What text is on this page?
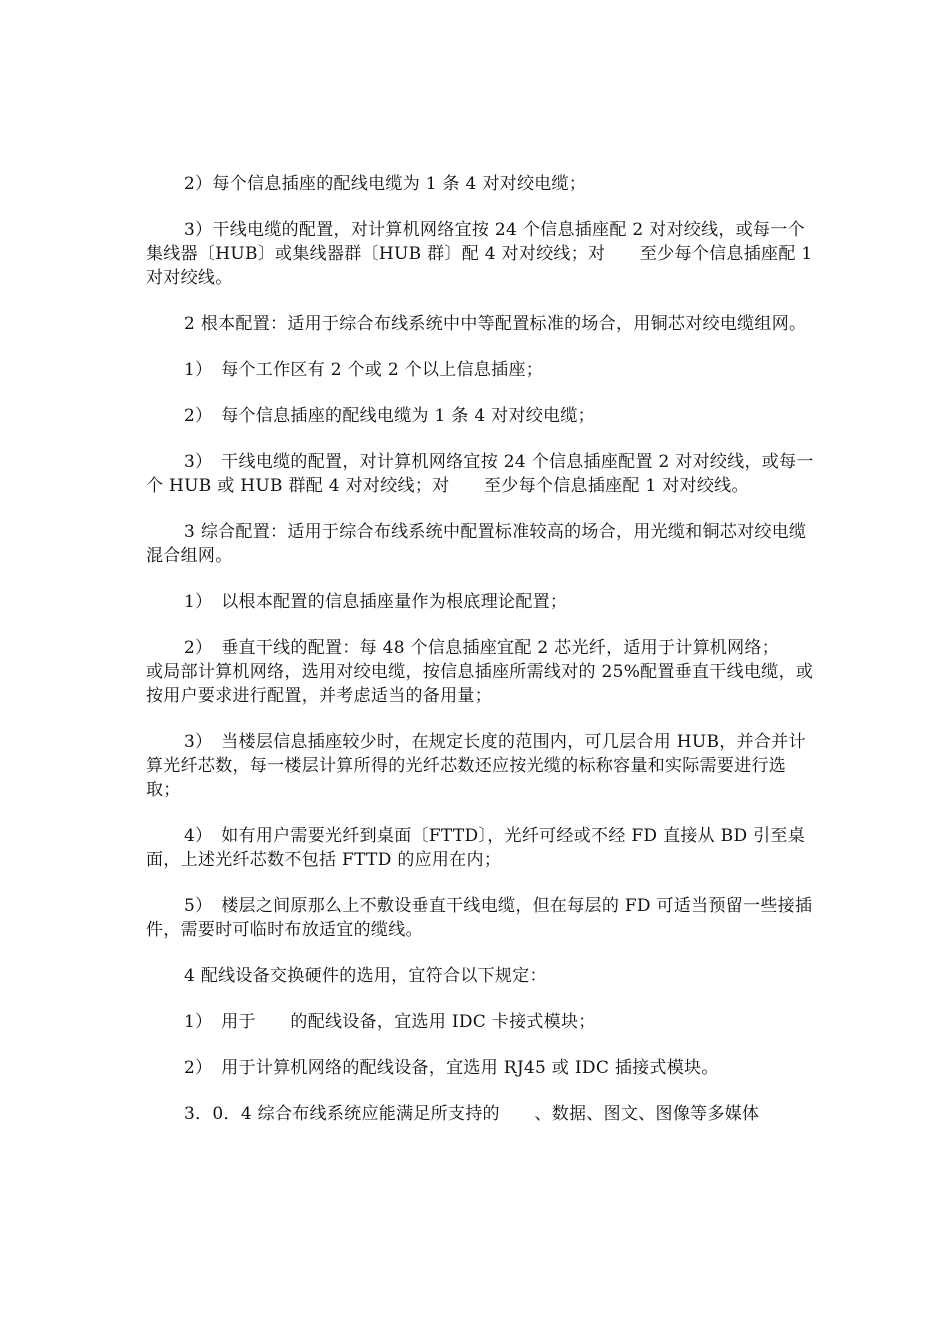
2）每个信息插座的配线电缆为 1 条 4 对对绞电缆；

3）干线电缆的配置，对计算机网络宜按 24 个信息插座配 2 对对绞线，或每一个集线器〔HUB〕或集线器群〔HUB 群〕配 4 对对绞线；对　　至少每个信息插座配 1 对对绞线。

2 根本配置：适用于综合布线系统中中等配置标准的场合，用铜芯对绞电缆组网。

1）　每个工作区有 2 个或 2 个以上信息插座；

2）　每个信息插座的配线电缆为 1 条 4 对对绞电缆；

3）　干线电缆的配置，对计算机网络宜按 24 个信息插座配置 2 对对绞线，或每一个 HUB 或 HUB 群配 4 对对绞线；对　　至少每个信息插座配 1 对对绞线。

3 综合配置：适用于综合布线系统中配置标准较高的场合，用光缆和铜芯对绞电缆混合组网。

1）　以根本配置的信息插座量作为根底理论配置；

2）　垂直干线的配置：每 48 个信息插座宜配 2 芯光纤，适用于计算机网络；　　或局部计算机网络，选用对绞电缆，按信息插座所需线对的 25%配置垂直干线电缆，或按用户要求进行配置，并考虑适当的备用量；

3）　当楼层信息插座较少时，在规定长度的范围内，可几层合用 HUB，并合并计算光纤芯数，每一楼层计算所得的光纤芯数还应按光缆的标称容量和实际需要进行选取；

4）　如有用户需要光纤到桌面〔FTTD〕，光纤可经或不经 FD 直接从 BD 引至桌面，上述光纤芯数不包括 FTTD 的应用在内；

5）　楼层之间原那么上不敷设垂直干线电缆，但在每层的 FD 可适当预留一些接插件，需要时可临时布放适宜的缆线。

4 配线设备交换硬件的选用，宜符合以下规定：

1）　用于　　的配线设备，宜选用 IDC 卡接式模块；

2）　用于计算机网络的配线设备，宜选用 RJ45 或 IDC 插接式模块。

3．0．4 综合布线系统应能满足所支持的　　、数据、图文、图像等多媒体
